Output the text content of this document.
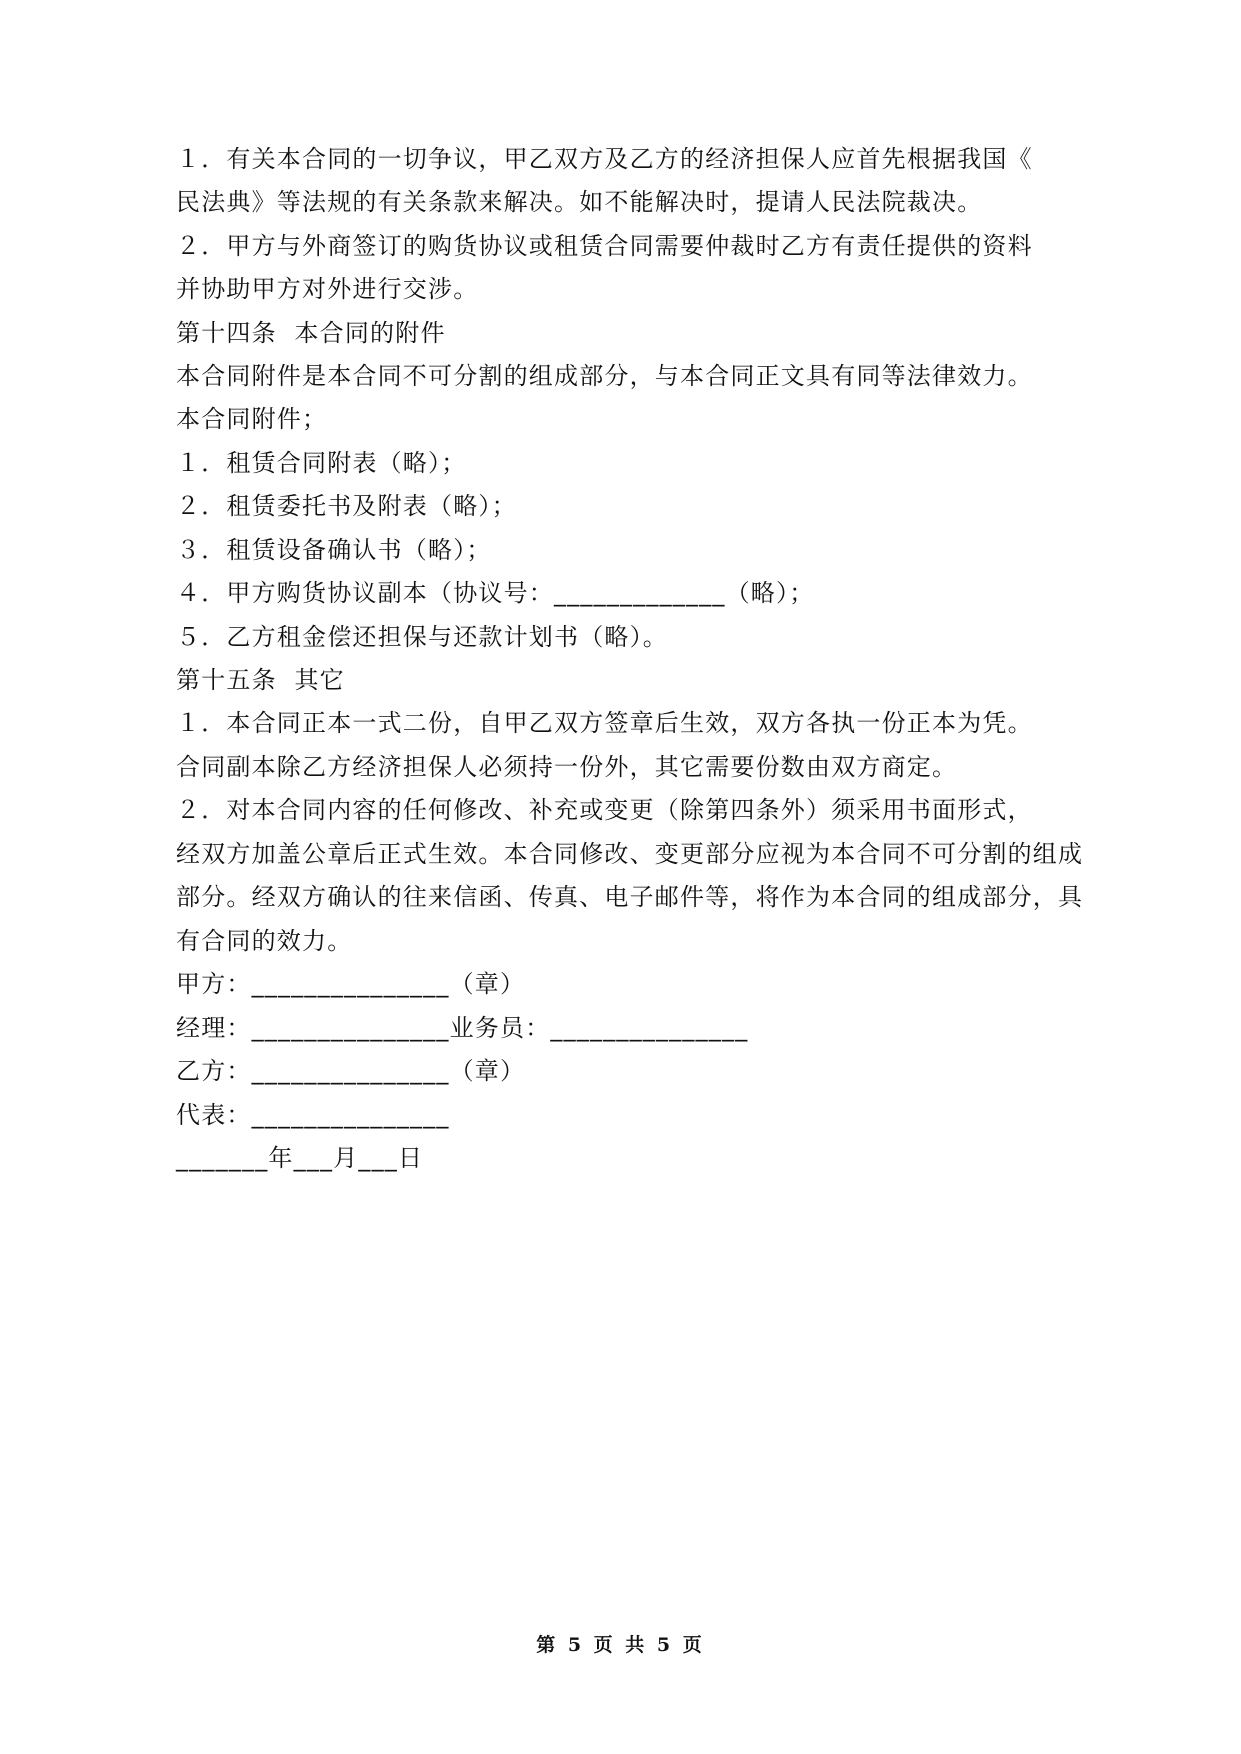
１．有关本合同的一切争议，甲乙双方及乙方的经济担保人应首先根据我国《
民法典》等法规的有关条款来解决。如不能解决时，提请人民法院裁决。
２．甲方与外商签订的购货协议或租赁合同需要仲裁时乙方有责任提供的资料
并协助甲方对外进行交涉。
第十四条  本合同的附件
本合同附件是本合同不可分割的组成部分，与本合同正文具有同等法律效力。
本合同附件；
１．租赁合同附表（略）；
２．租赁委托书及附表（略）；
３．租赁设备确认书（略）；
４．甲方购货协议副本（协议号：_____________（略）；
５．乙方租金偿还担保与还款计划书（略）。
第十五条  其它
１．本合同正本一式二份，自甲乙双方签章后生效，双方各执一份正本为凭。
合同副本除乙方经济担保人必须持一份外，其它需要份数由双方商定。
２．对本合同内容的任何修改、补充或变更（除第四条外）须采用书面形式，
经双方加盖公章后正式生效。本合同修改、变更部分应视为本合同不可分割的组成
部分。经双方确认的往来信函、传真、电子邮件等，将作为本合同的组成部分，具
有合同的效力。
甲方：_______________（章）
经理：_______________业务员：_______________
乙方：_______________（章）
代表：_______________
_______年___月___日
第 5 页 共 5 页
